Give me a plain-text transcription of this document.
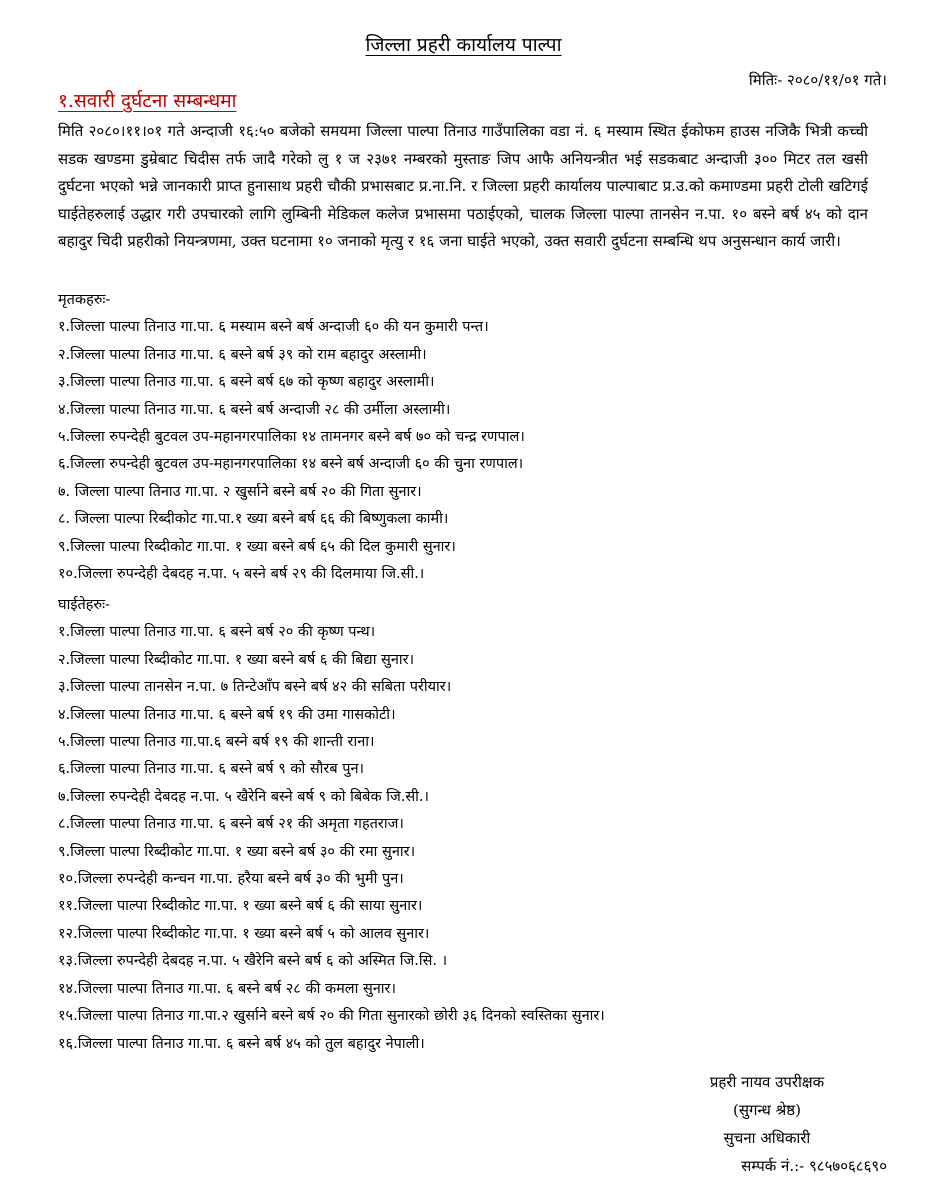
जिल्ला प्रहरी कार्यालय पाल्पा
मितिः- २०८०/११/०१ गते।
१.सवारी दुर्घटना सम्बन्धमा
मिति २०८०।११।०१ गते अन्दाजी १६:५० बजेको समयमा जिल्ला पाल्पा तिनाउ गाउँपालिका वडा नं. ६ मस्याम स्थित ईकोफम हाउस नजिकै भित्री कच्ची सडक खण्डमा डुम्रेबाट चिदीस तर्फ जादै गरेको लु १ ज २३७१ नम्बरको मुस्ताङ जिप आफै अनियन्त्रीत भई सडकबाट अन्दाजी ३०० मिटर तल खसी दुर्घटना भएको भन्ने जानकारी प्राप्त हुनासाथ प्रहरी चौकी प्रभासबाट प्र.ना.नि. र जिल्ला प्रहरी कार्यालय पाल्पाबाट प्र.उ.को कमाण्डमा प्रहरी टोली खटिगई घाईतेहरुलाई उद्धार गरी उपचारको लागि लुम्बिनी मेडिकल कलेज प्रभासमा पठाईएको, चालक जिल्ला पाल्पा तानसेन न.पा. १० बस्ने बर्ष ४५ को दान बहादुर चिदी प्रहरीको नियन्त्रणमा, उक्त घटनामा १० जनाको मृत्यु र १६ जना घाईते भएको, उक्त सवारी दुर्घटना सम्बन्धि थप अनुसन्धान कार्य जारी।

मृतकहरुः-

१.जिल्ला पाल्पा तिनाउ गा.पा. ६ मस्याम बस्ने बर्ष अन्दाजी ६० की यन कुमारी पन्त।
२.जिल्ला पाल्पा तिनाउ गा.पा. ६ बस्ने बर्ष ३९ को राम बहादुर अस्लामी।
३.जिल्ला पाल्पा तिनाउ गा.पा. ६ बस्ने बर्ष ६७ को कृष्ण बहादुर अस्लामी।
४.जिल्ला पाल्पा तिनाउ गा.पा. ६ बस्ने बर्ष अन्दाजी २८ की उर्मीला अस्लामी।
५.जिल्ला रुपन्देही बुटवल उप-महानगरपालिका १४ तामनगर बस्ने बर्ष ७० को चन्द्र रणपाल।
६.जिल्ला रुपन्देही बुटवल उप-महानगरपालिका १४ बस्ने बर्ष अन्दाजी ६० की चुना रणपाल।
७. जिल्ला पाल्पा तिनाउ गा.पा. २ खुर्सानेे बस्ने बर्ष २० की गिता सुनार।
८. जिल्ला पाल्पा रिब्दीकोट गा.पा.१ ख्या बस्ने बर्ष ६६ की बिष्णुकला कामी।
९.जिल्ला पाल्पा रिब्दीकोट गा.पा. १ ख्या बस्ने बर्ष ६५ की दिल कुमारी सुनार।
१०.जिल्ला रुपन्देही देबदह न.पा. ५ बस्ने बर्ष २९ की दिलमाया जि.सी.।

घाईतेहरुः-

१.जिल्ला पाल्पा तिनाउ गा.पा. ६ बस्ने बर्ष २० की कृष्ण पन्थ।
२.जिल्ला पाल्पा रिब्दीकोट गा.पा. १ ख्या बस्ने बर्ष ६ की बिद्या सुनार।
३.जिल्ला पाल्पा तानसेन न.पा. ७ तिन्टेआँप बस्ने बर्ष ४२ की सबिता परीयार।
४.जिल्ला पाल्पा तिनाउ गा.पा. ६ बस्ने बर्ष १९ की उमा गासकोटी।
५.जिल्ला पाल्पा तिनाउ गा.पा.६ बस्ने बर्ष १९ की शान्ती राना।
६.जिल्ला पाल्पा तिनाउ गा.पा. ६ बस्ने बर्ष ९ को सौरब पुन।
७.जिल्ला रुपन्देही देबदह न.पा. ५ खैरेनि बस्ने बर्ष ९ को बिबेक जि.सी.।
८.जिल्ला पाल्पा तिनाउ गा.पा. ६ बस्ने बर्ष २१ की अमृता गहतराज।
९.जिल्ला पाल्पा रिब्दीकोट गा.पा. १ ख्या बस्ने बर्ष ३० की रमा सुनार।
१०.जिल्ला रुपन्देही कन्चन गा.पा. हरैया बस्ने बर्ष ३० की भुमी पुन।
११.जिल्ला पाल्पा रिब्दीकोट गा.पा. १ ख्या बस्ने बर्ष ६ की साया सुनार।
१२.जिल्ला पाल्पा रिब्दीकोट गा.पा. १ ख्या बस्ने बर्ष ५ को आलव सुनार।
१३.जिल्ला रुपन्देही देबदह न.पा. ५ खैरेनि बस्ने बर्ष ६ को अस्मित जि.सि. ।
१४.जिल्ला पाल्पा तिनाउ गा.पा. ६ बस्ने बर्ष २८ की कमला सुनार।
१५.जिल्ला पाल्पा तिनाउ गा.पा.२ खुर्सानेे बस्ने बर्ष २० की गिता सुनारको छोरी ३६ दिनको स्वस्तिका सुनार।
१६.जिल्ला पाल्पा तिनाउ गा.पा. ६ बस्ने बर्ष ४५ को तुल बहादुर नेपाली।
प्रहरी नायव उपरीक्षक
(सुगन्ध श्रेष्ठ)
सुचना अधिकारी
सम्पर्क नं.:- ९८५७०६८६९०
